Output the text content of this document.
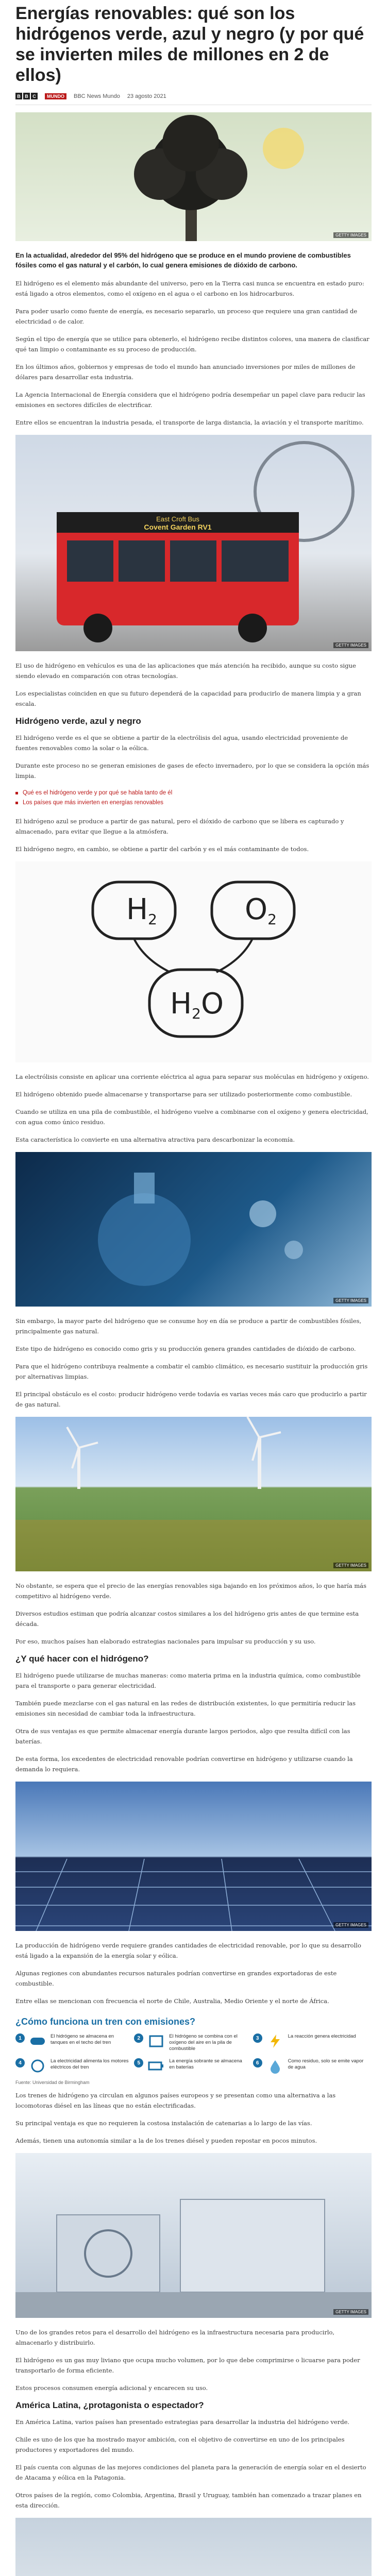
Energías renovables: qué son los hidrógenos verde, azul y negro (y por qué se invierten miles de millones en 2 de ellos)
B B C	MUNDO	BBC News Mundo 23 agosto 2021
GETTY IMAGES

En la actualidad, alrededor del 95% del hidrógeno que se produce en el mundo proviene de combustibles fósiles como el gas natural y el carbón, lo cual genera emisiones de dióxido de carbono.

El hidrógeno es el elemento más abundante del universo, pero en la Tierra casi nunca se encuentra en estado puro: está ligado a otros elementos, como el oxígeno en el agua o el carbono en los hidrocarburos.

Para poder usarlo como fuente de energía, es necesario separarlo, un proceso que requiere una gran cantidad de electricidad o de calor.

Según el tipo de energía que se utilice para obtenerlo, el hidrógeno recibe distintos colores, una manera de clasificar qué tan limpio o contaminante es su proceso de producción.

En los últimos años, gobiernos y empresas de todo el mundo han anunciado inversiones por miles de millones de dólares para desarrollar esta industria.

La Agencia Internacional de Energía considera que el hidrógeno podría desempeñar un papel clave para reducir las emisiones en sectores difíciles de electrificar.

Entre ellos se encuentran la industria pesada, el transporte de larga distancia, la aviación y el transporte marítimo.

East Croft Bus
Covent Garden RV1
GETTY IMAGES

El uso de hidrógeno en vehículos es una de las aplicaciones que más atención ha recibido, aunque su costo sigue siendo elevado en comparación con otras tecnologías.

Los especialistas coinciden en que su futuro dependerá de la capacidad para producirlo de manera limpia y a gran escala.

Hidrógeno verde, azul y negro

El hidrógeno verde es el que se obtiene a partir de la electrólisis del agua, usando electricidad proveniente de fuentes renovables como la solar o la eólica.

Durante este proceso no se generan emisiones de gases de efecto invernadero, por lo que se considera la opción más limpia.

Qué es el hidrógeno verde y por qué se habla tanto de él
Los países que más invierten en energías renovables

El hidrógeno azul se produce a partir de gas natural, pero el dióxido de carbono que se libera es capturado y almacenado, para evitar que llegue a la atmósfera.

El hidrógeno negro, en cambio, se obtiene a partir del carbón y es el más contaminante de todos.

H2	O2
H2O

La electrólisis consiste en aplicar una corriente eléctrica al agua para separar sus moléculas en hidrógeno y oxígeno.

El hidrógeno obtenido puede almacenarse y transportarse para ser utilizado posteriormente como combustible.

Cuando se utiliza en una pila de combustible, el hidrógeno vuelve a combinarse con el oxígeno y genera electricidad, con agua como único residuo.

Esta característica lo convierte en una alternativa atractiva para descarbonizar la economía.

GETTY IMAGES

Sin embargo, la mayor parte del hidrógeno que se consume hoy en día se produce a partir de combustibles fósiles, principalmente gas natural.

Este tipo de hidrógeno es conocido como gris y su producción genera grandes cantidades de dióxido de carbono.

Para que el hidrógeno contribuya realmente a combatir el cambio climático, es necesario sustituir la producción gris por alternativas limpias.

El principal obstáculo es el costo: producir hidrógeno verde todavía es varias veces más caro que producirlo a partir de gas natural.

GETTY IMAGES

No obstante, se espera que el precio de las energías renovables siga bajando en los próximos años, lo que haría más competitivo al hidrógeno verde.

Diversos estudios estiman que podría alcanzar costos similares a los del hidrógeno gris antes de que termine esta década.

Por eso, muchos países han elaborado estrategias nacionales para impulsar su producción y su uso.

¿Y qué hacer con el hidrógeno?

El hidrógeno puede utilizarse de muchas maneras: como materia prima en la industria química, como combustible para el transporte o para generar electricidad.

También puede mezclarse con el gas natural en las redes de distribución existentes, lo que permitiría reducir las emisiones sin necesidad de cambiar toda la infraestructura.

Otra de sus ventajas es que permite almacenar energía durante largos periodos, algo que resulta difícil con las baterías.

De esta forma, los excedentes de electricidad renovable podrían convertirse en hidrógeno y utilizarse cuando la demanda lo requiera.

GETTY IMAGES

La producción de hidrógeno verde requiere grandes cantidades de electricidad renovable, por lo que su desarrollo está ligado a la expansión de la energía solar y eólica.

Algunas regiones con abundantes recursos naturales podrían convertirse en grandes exportadoras de este combustible.

Entre ellas se mencionan con frecuencia el norte de Chile, Australia, Medio Oriente y el norte de África.

¿Cómo funciona un tren con emisiones?
1	El hidrógeno se almacena en tanques en el techo del tren
2	El hidrógeno se combina con el oxígeno del aire en la pila de combustible
3	La reacción genera electricidad
4	La electricidad alimenta los motores eléctricos del tren
5	La energía sobrante se almacena en baterías
6	Como residuo, solo se emite vapor de agua
Fuente: Universidad de Birmingham

Los trenes de hidrógeno ya circulan en algunos países europeos y se presentan como una alternativa a las locomotoras diésel en las líneas que no están electrificadas.

Su principal ventaja es que no requieren la costosa instalación de catenarias a lo largo de las vías.

Además, tienen una autonomía similar a la de los trenes diésel y pueden repostar en pocos minutos.

GETTY IMAGES

Uno de los grandes retos para el desarrollo del hidrógeno es la infraestructura necesaria para producirlo, almacenarlo y distribuirlo.

El hidrógeno es un gas muy liviano que ocupa mucho volumen, por lo que debe comprimirse o licuarse para poder transportarlo de forma eficiente.

Estos procesos consumen energía adicional y encarecen su uso.

América Latina, ¿protagonista o espectador?

En América Latina, varios países han presentado estrategias para desarrollar la industria del hidrógeno verde.

Chile es uno de los que ha mostrado mayor ambición, con el objetivo de convertirse en uno de los principales productores y exportadores del mundo.

El país cuenta con algunas de las mejores condiciones del planeta para la generación de energía solar en el desierto de Atacama y eólica en la Patagonia.

Otros países de la región, como Colombia, Argentina, Brasil y Uruguay, también han comenzado a trazar planes en esta dirección.
